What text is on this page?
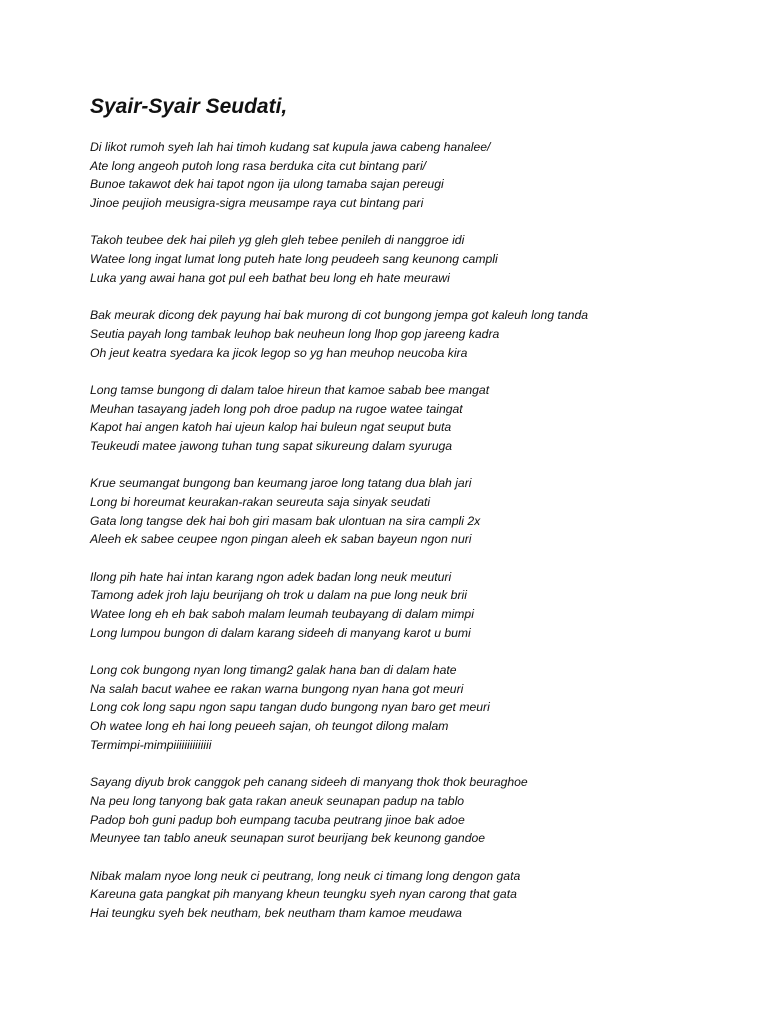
Syair-Syair Seudati,
Di likot rumoh syeh lah hai timoh kudang sat kupula jawa cabeng hanalee/
Ate long angeoh putoh long rasa berduka cita cut bintang pari/
Bunoe takawot dek hai tapot ngon ija ulong tamaba sajan pereugi
Jinoe peujioh meusigra-sigra meusampe raya cut bintang pari
Takoh teubee dek hai pileh yg gleh gleh tebee penileh di nanggroe idi
Watee long ingat lumat long puteh hate long peudeeh sang keunong campli
Luka yang awai hana got pul eeh bathat beu long eh hate meurawi
Bak meurak dicong dek payung hai bak murong di cot bungong jempa got kaleuh long tanda
Seutia payah long tambak leuhop bak neuheun long lhop gop jareeng kadra
Oh jeut keatra syedara ka jicok legop so yg han meuhop neucoba kira
Long tamse bungong di dalam taloe hireun that kamoe sabab bee mangat
Meuhan tasayang jadeh long poh droe padup na rugoe watee taingat
Kapot hai angen katoh hai ujeun kalop hai buleun ngat seuput buta
Teukeudi matee jawong tuhan tung sapat sikureung dalam syuruga
Krue seumangat bungong ban keumang jaroe long tatang dua blah jari
Long bi horeumat keurakan-rakan seureuta saja sinyak seudati
Gata long tangse dek hai boh giri masam bak ulontuan na sira campli 2x
Aleeh ek sabee ceupee ngon pingan aleeh ek saban bayeun ngon nuri
Ilong pih hate hai intan karang ngon adek badan long neuk meuturi
Tamong adek jroh laju beurijang oh trok u dalam na pue long neuk brii
Watee long eh eh bak saboh malam leumah teubayang di dalam mimpi
Long lumpou bungon di dalam karang sideeh di manyang karot u bumi
Long cok bungong nyan long timang2 galak hana ban di dalam hate
Na salah bacut wahee ee rakan warna bungong nyan hana got meuri
Long cok long sapu ngon sapu tangan dudo bungong nyan baro get meuri
Oh watee long eh hai long peueeh sajan, oh teungot dilong malam
Termimpi-mimpiiiiiiiiiiiiii
Sayang diyub brok canggok peh canang sideeh di manyang thok thok beuraghoe
Na peu long tanyong bak gata rakan aneuk seunapan padup na tablo
Padop boh guni padup boh eumpang tacuba peutrang jinoe bak adoe
Meunyee tan tablo aneuk seunapan surot beurijang bek keunong gandoe
Nibak malam nyoe long neuk ci peutrang, long neuk ci timang long dengon gata
Kareuna gata pangkat pih manyang kheun teungku syeh nyan carong that gata
Hai teungku syeh bek neutham, bek neutham tham kamoe meudawa
